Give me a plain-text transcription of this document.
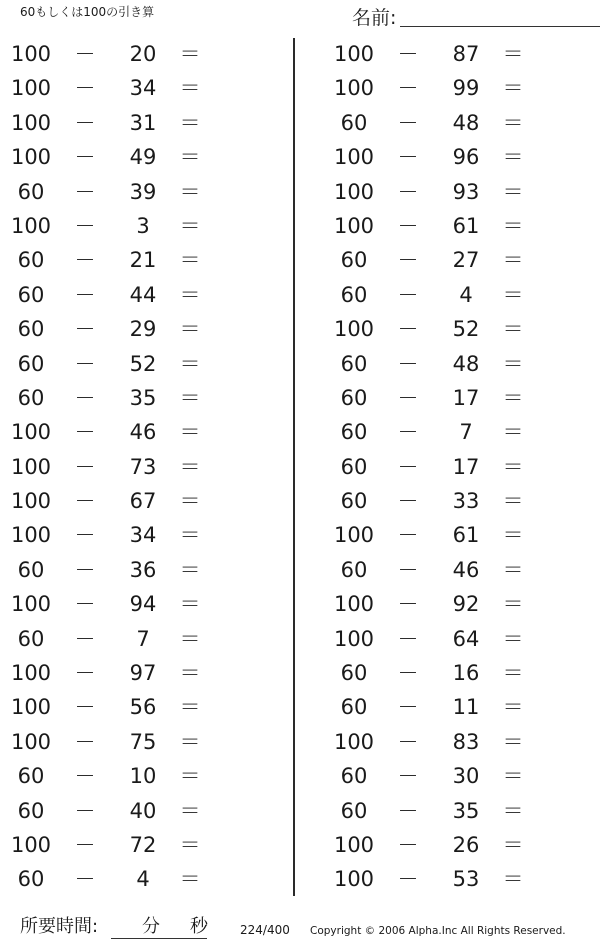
60もしくは100の引き算	名前:
100	－	20	＝
100	－	34	＝
100	－	31	＝
100	－	49	＝
60	－	39	＝
100	－	3	＝
60	－	21	＝
60	－	44	＝
60	－	29	＝
60	－	52	＝
60	－	35	＝
100	－	46	＝
100	－	73	＝
100	－	67	＝
100	－	34	＝
60	－	36	＝
100	－	94	＝
60	－	7	＝
100	－	97	＝
100	－	56	＝
100	－	75	＝
60	－	10	＝
60	－	40	＝
100	－	72	＝
60	－	4	＝
100	－	87	＝
100	－	99	＝
60	－	48	＝
100	－	96	＝
100	－	93	＝
100	－	61	＝
60	－	27	＝
60	－	4	＝
100	－	52	＝
60	－	48	＝
60	－	17	＝
60	－	7	＝
60	－	17	＝
60	－	33	＝
100	－	61	＝
60	－	46	＝
100	－	92	＝
100	－	64	＝
60	－	16	＝
60	－	11	＝
100	－	83	＝
60	－	30	＝
60	－	35	＝
100	－	26	＝
100	－	53	＝
所要時間: 分 秒	224/400 Copyright © 2006 Alpha.Inc All Rights Reserved.
